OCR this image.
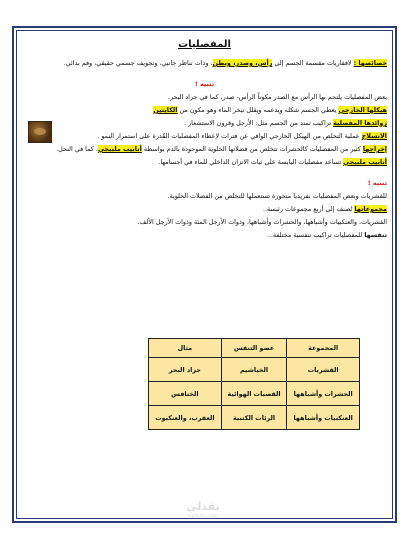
المفصليات
خصائصها : لافقاريات مقسمة الجسم إلى رأس، وصدر، وبطن، وذات تناظر جانبي، وتجويف جسمي حقيقي، وفم بدائي.
تنبيه !
بعض المفصليات يلتحم بها الرأس مع الصدر مكوناً الرأس- صدر، كما في جراد البحر.
هيكلها الخارجي يغطي الجسم شكله ويدعمه ويقلل تبخر الماء وهو مكون من الكايتين
زوائدها المفصلية تراكيب تمتد من الجسم مثل: الأرجل وقرون الاستشعار .
الانسلاخ عملية التخلص من الهيكل الخارجي الواقي عن فترات لإعطاء المفصليات القُدرة على استمرار النمو .
إخراجها كثير من المفصليات كالحشرات تتخلص من فضلاتها الخلوية الموجودة بالدم بواسطة أنابيب ملبيجي، كما في النحل.
أنابيب ملبيجي تساعد مفصليات اليابسة على ثبات الاتزان الداخلي للماء في أجسامها.
تنبيه !
للقشريات وبعض المفصليات نفريديا متحورة تستعملها للتخلص من الفضلات الخلوية.
مجموعاتها تُصنف إلى أربع مجموعات رئيسة..
القشريات، والعنكبيات وأشباهها، والحشرات وأشباهها، وذوات الأرجل المئة وذوات الأرجل الألف.
تنفسها للمفصليات تراكيب تنفسية مختلفة...
المجموعة	عضو التنفس	مثال
القشريات	الخياشيم	جراد البحر
الحشرات وأشباهها	القصبات الهوائية	الخنافس
العنكبيات وأشباهها	الرئات الكتبية	العقرب، والعنكبوت
نفذلي
nafezly.com
